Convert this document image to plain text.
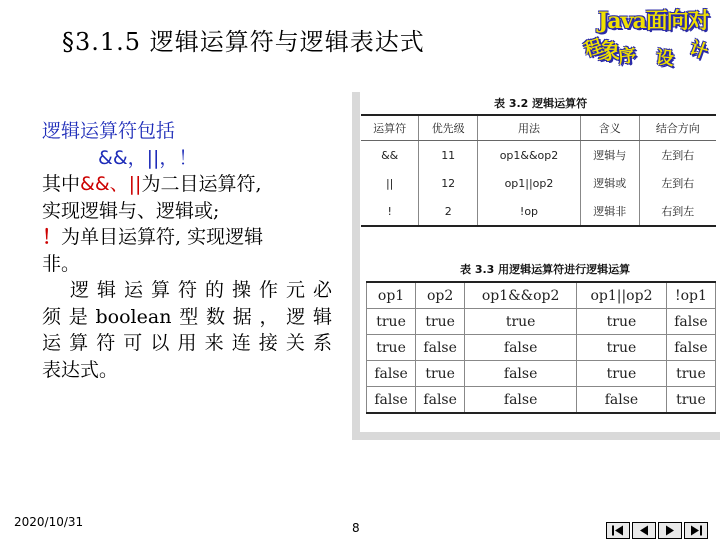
§3.1.5 逻辑运算符与逻辑表达式
Java面向对象
程 序 设 计
逻辑运算符包括
&&，||，！
其中&&、||为二目运算符,
实现逻辑与、逻辑或;
！为单目运算符, 实现逻辑
非。
逻辑运算符的操作元必
须是boolean型数据，逻辑
运算符可以用来连接关系
表达式。
表 3.2 逻辑运算符
运算符	优先级	用法	含义	结合方向
&&	11	op1&&op2	逻辑与	左到右
||	12	op1||op2	逻辑或	左到右
!	2	!op	逻辑非	右到左
表 3.3 用逻辑运算符进行逻辑运算
op1	op2	op1&&op2	op1||op2	!op1
true	true	true	true	false
true	false	false	true	false
false	true	false	true	true
false	false	false	false	true
2020/10/31	8
